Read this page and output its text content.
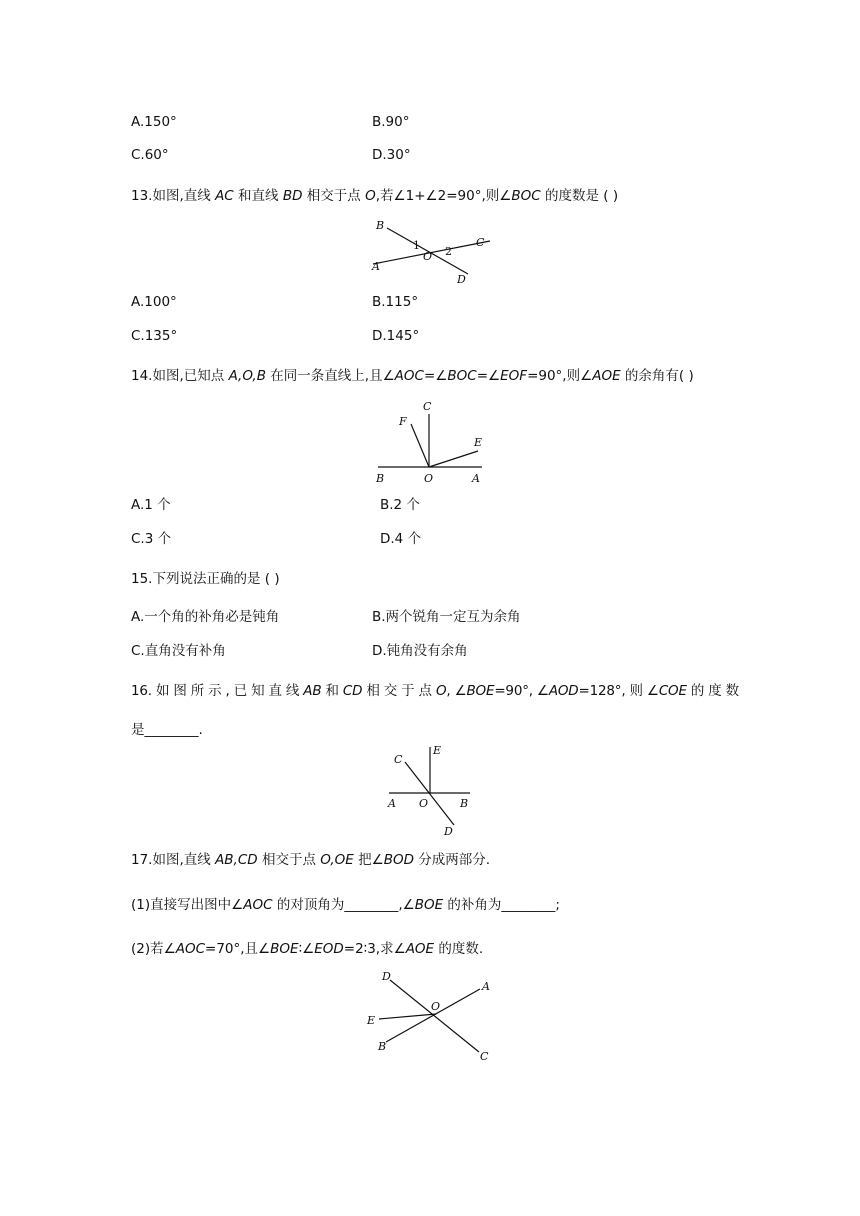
A.150°	B.90°
C.60°	D.30°
13.如图,直线 AC 和直线 BD 相交于点 O,若∠1+∠2=90°,则∠BOC 的度数是 ( )
B
1
O 2
C
A
D
A.100°	B.115°
C.135°	D.145°
14.如图,已知点 A,O,B 在同一条直线上,且∠AOC=∠BOC=∠EOF=90°,则∠AOE 的余角有( )
C
F
E
B	O	A
A.1 个	B.2 个
C.3 个	D.4 个
15.下列说法正确的是 ( )
A.一个角的补角必是钝角	B.两个锐角一定互为余角
C.直角没有补角	D.钝角没有余角
16. 如 图 所 示 , 已 知 直 线 AB 和 CD 相 交 于 点 O, ∠BOE=90°, ∠AOD=128°, 则 ∠COE 的 度 数
是________.
C
E
A O	B
D
17.如图,直线 AB,CD 相交于点 O,OE 把∠BOD 分成两部分.
(1)直接写出图中∠AOC 的对顶角为________,∠BOE 的补角为________;
(2)若∠AOC=70°,且∠BOE∶∠EOD=2∶3,求∠AOE 的度数.
D
A
O
E
B
C
